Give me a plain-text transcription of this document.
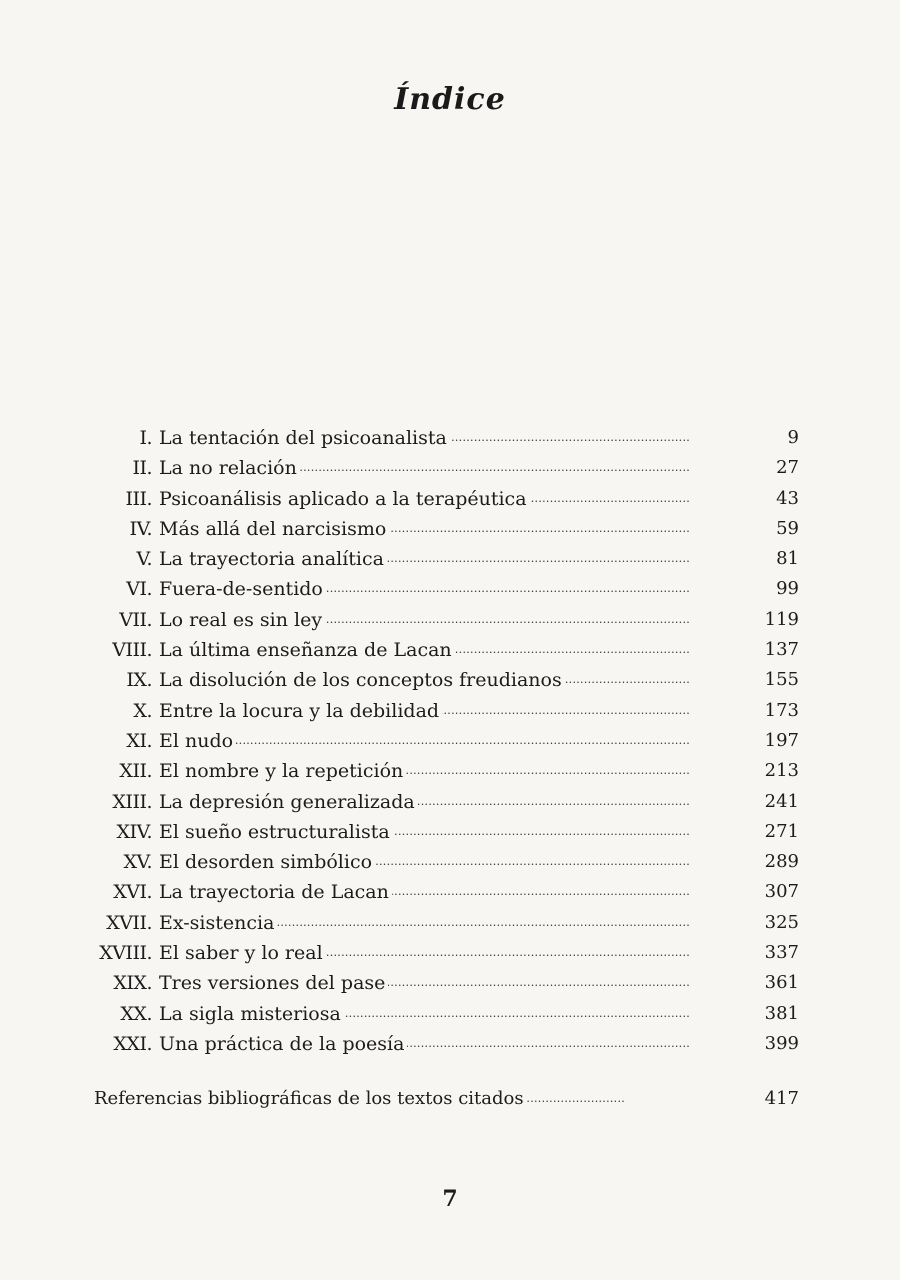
Índice
I. La tentación del psicoanalista . . .	9
II. La no relación . . .	27
III. Psicoanálisis aplicado a la terapéutica . . .	43
IV. Más allá del narcisismo . . .	59
V. La trayectoria analítica . . .	81
VI. Fuera-de-sentido . . .	99
VII. Lo real es sin ley . . .	119
VIII. La última enseñanza de Lacan . . .	137
IX. La disolución de los conceptos freudianos . . .	155
X. Entre la locura y la debilidad . . .	173
XI. El nudo . . .	197
XII. El nombre y la repetición . . .	213
XIII. La depresión generalizada . . .	241
XIV. El sueño estructuralista . . .	271
XV. El desorden simbólico . . .	289
XVI. La trayectoria de Lacan . . .	307
XVII. Ex-sistencia . . .	325
XVIII. El saber y lo real . . .	337
XIX. Tres versiones del pase . . .	361
XX. La sigla misteriosa . . .	381
XXI. Una práctica de la poesía . . .	399
Referencias bibliográficas de los textos citados . . .	417
7
